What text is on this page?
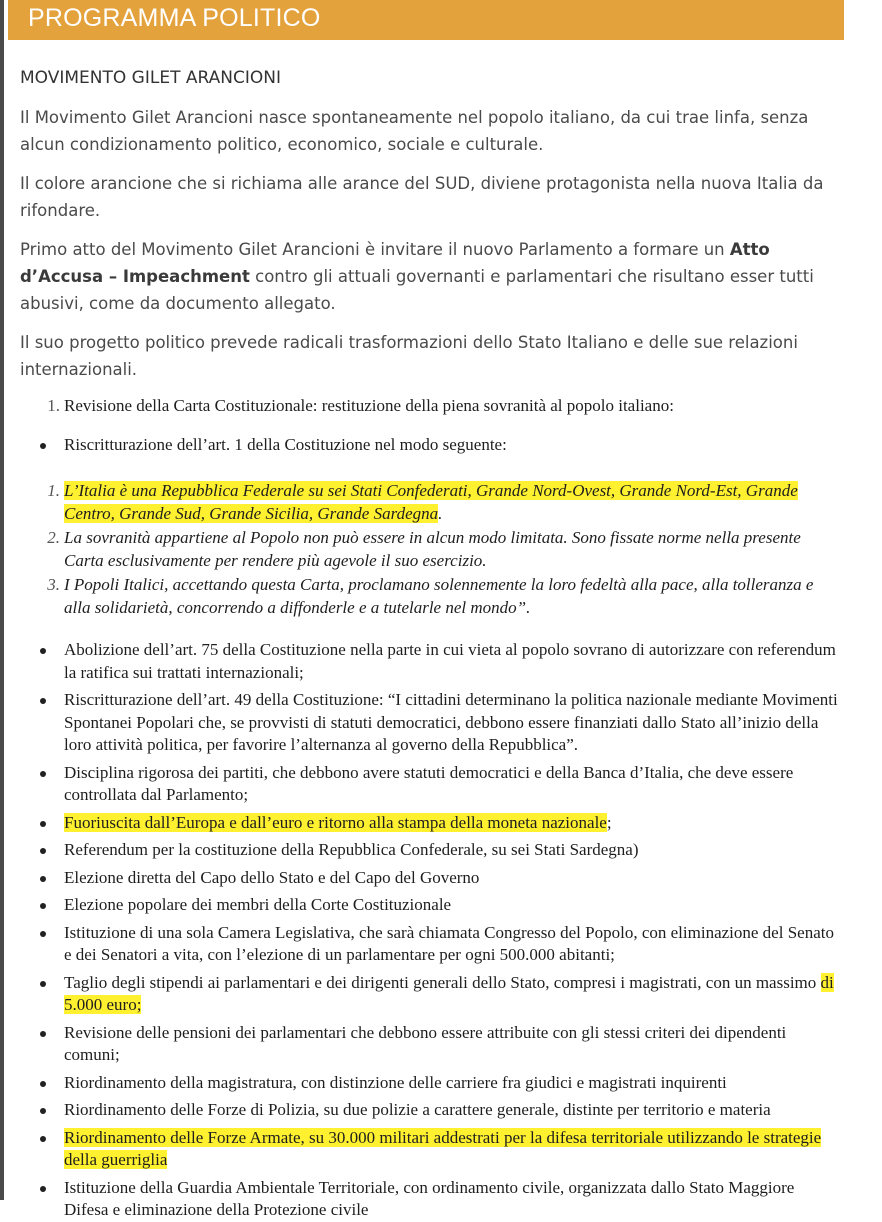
PROGRAMMA POLITICO
MOVIMENTO GILET ARANCIONI

Il Movimento Gilet Arancioni nasce spontaneamente nel popolo italiano, da cui trae linfa, senza alcun condizionamento politico, economico, sociale e culturale.

Il colore arancione che si richiama alle arance del SUD, diviene protagonista nella nuova Italia da rifondare.

Primo atto del Movimento Gilet Arancioni è invitare il nuovo Parlamento a formare un Atto d’Accusa – Impeachment contro gli attuali governanti e parlamentari che risultano esser tutti abusivi, come da documento allegato.

Il suo progetto politico prevede radicali trasformazioni dello Stato Italiano e delle sue relazioni internazionali.

1. Revisione della Carta Costituzionale: restituzione della piena sovranità al popolo italiano:
Riscritturazione dell’art. 1 della Costituzione nel modo seguente:
1. L’Italia è una Repubblica Federale su sei Stati Confederati, Grande Nord-Ovest, Grande Nord-Est, Grande Centro, Grande Sud, Grande Sicilia, Grande Sardegna.
2. La sovranità appartiene al Popolo non può essere in alcun modo limitata. Sono fissate norme nella presente Carta esclusivamente per rendere più agevole il suo esercizio.
3. I Popoli Italici, accettando questa Carta, proclamano solennemente la loro fedeltà alla pace, alla tolleranza e alla solidarietà, concorrendo a diffonderle e a tutelarle nel mondo”.
Abolizione dell’art. 75 della Costituzione nella parte in cui vieta al popolo sovrano di autorizzare con referendum la ratifica sui trattati internazionali;
Riscritturazione dell’art. 49 della Costituzione: “I cittadini determinano la politica nazionale mediante Movimenti Spontanei Popolari che, se provvisti di statuti democratici, debbono essere finanziati dallo Stato all’inizio della loro attività politica, per favorire l’alternanza al governo della Repubblica”.
Disciplina rigorosa dei partiti, che debbono avere statuti democratici e della Banca d’Italia, che deve essere controllata dal Parlamento;
Fuoriuscita dall’Europa e dall’euro e ritorno alla stampa della moneta nazionale;
Referendum per la costituzione della Repubblica Confederale, su sei Stati Sardegna)
Elezione diretta del Capo dello Stato e del Capo del Governo
Elezione popolare dei membri della Corte Costituzionale
Istituzione di una sola Camera Legislativa, che sarà chiamata Congresso del Popolo, con eliminazione del Senato e dei Senatori a vita, con l’elezione di un parlamentare per ogni 500.000 abitanti;
Taglio degli stipendi ai parlamentari e dei dirigenti generali dello Stato, compresi i magistrati, con un massimo di 5.000 euro;
Revisione delle pensioni dei parlamentari che debbono essere attribuite con gli stessi criteri dei dipendenti comuni;
Riordinamento della magistratura, con distinzione delle carriere fra giudici e magistrati inquirenti
Riordinamento delle Forze di Polizia, su due polizie a carattere generale, distinte per territorio e materia
Riordinamento delle Forze Armate, su 30.000 militari addestrati per la difesa territoriale utilizzando le strategie della guerriglia
Istituzione della Guardia Ambientale Territoriale, con ordinamento civile, organizzata dallo Stato Maggiore Difesa e eliminazione della Protezione civile
